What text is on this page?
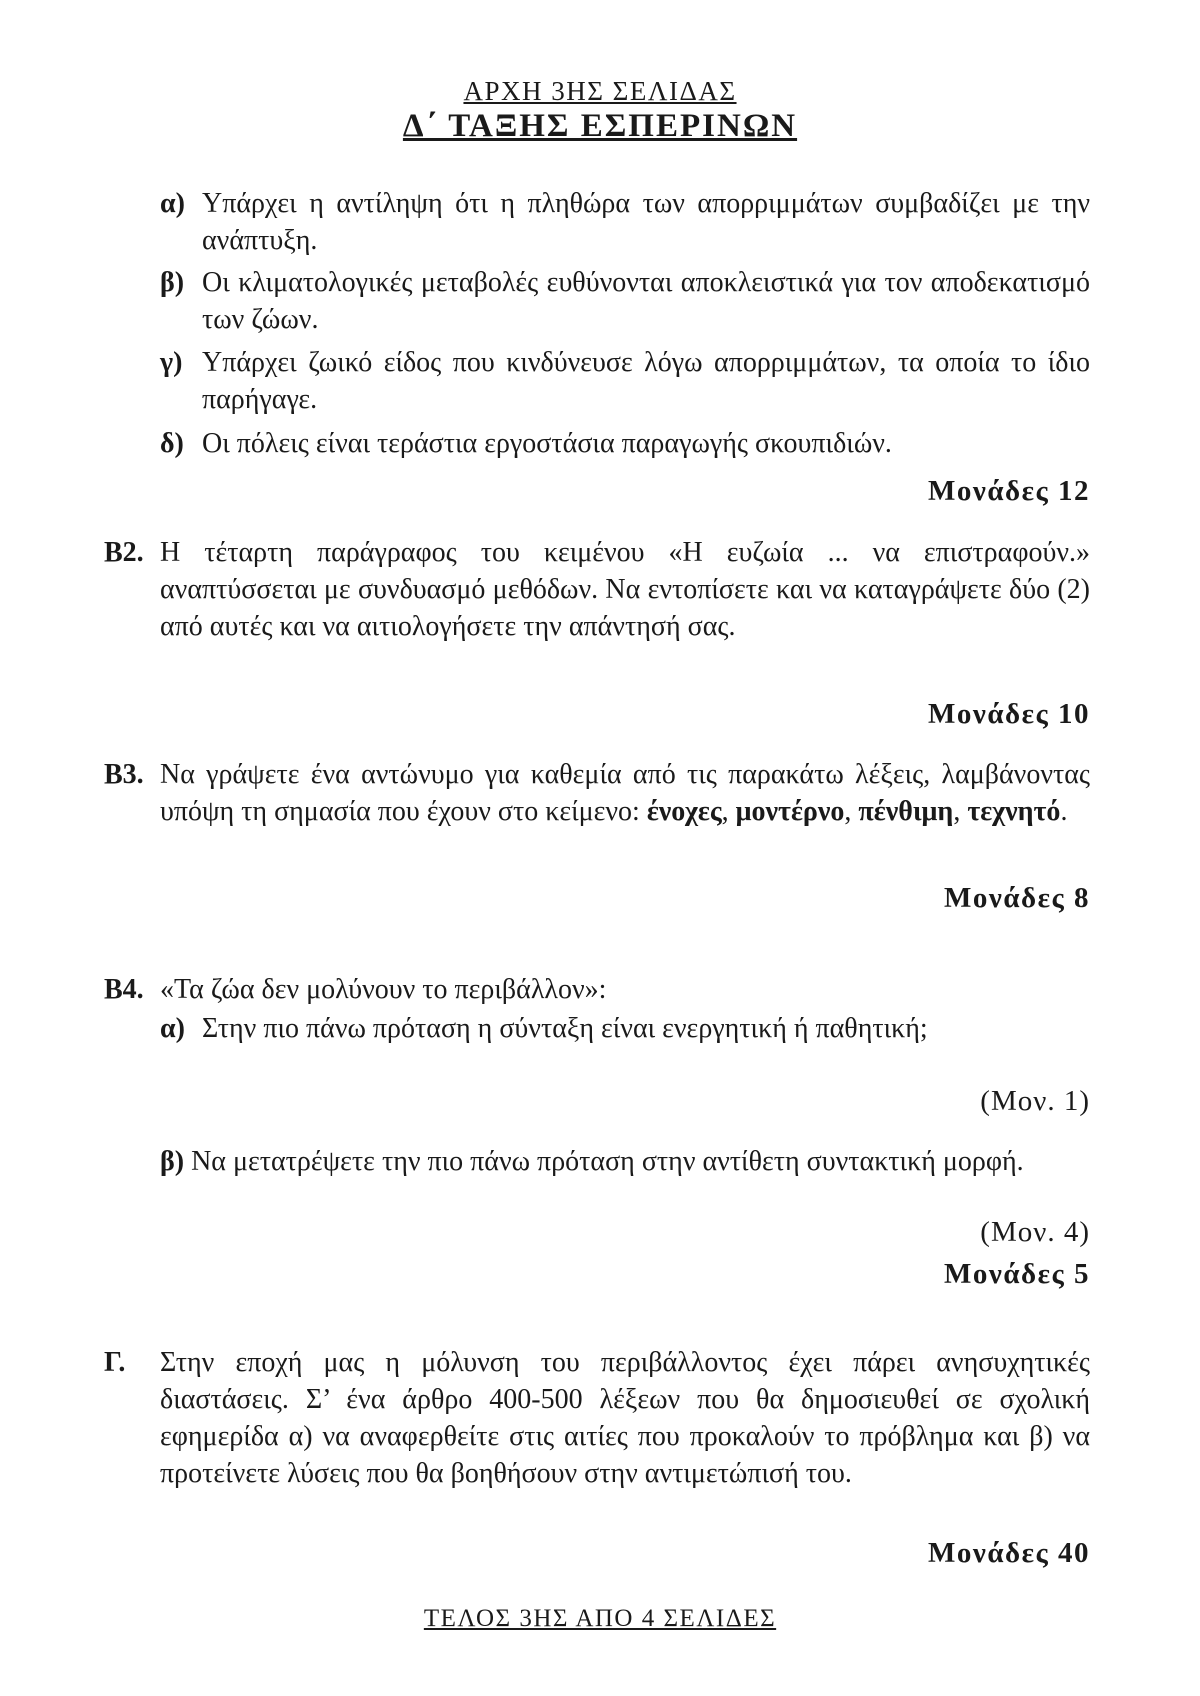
ΑΡΧΗ 3ΗΣ ΣΕΛΙΔΑΣ
Δ΄ ΤΑΞΗΣ ΕΣΠΕΡΙΝΩΝ
α) Υπάρχει η αντίληψη ότι η πληθώρα των απορριμμάτων συμβαδίζει με την ανάπτυξη.
β) Οι κλιματολογικές μεταβολές ευθύνονται αποκλειστικά για τον αποδεκατισμό των ζώων.
γ) Υπάρχει ζωικό είδος που κινδύνευσε λόγω απορριμμάτων, τα οποία το ίδιο παρήγαγε.
δ) Οι πόλεις είναι τεράστια εργοστάσια παραγωγής σκουπιδιών.
Μονάδες 12
Β2. Η τέταρτη παράγραφος του κειμένου «Η ευζωία ... να επιστραφούν.» αναπτύσσεται με συνδυασμό μεθόδων. Να εντοπίσετε και να καταγράψετε δύο (2) από αυτές και να αιτιολογήσετε την απάντησή σας.
Μονάδες 10
Β3. Να γράψετε ένα αντώνυμο για καθεμία από τις παρακάτω λέξεις, λαμβάνοντας υπόψη τη σημασία που έχουν στο κείμενο: ένοχες, μοντέρνο, πένθιμη, τεχνητό.
Μονάδες 8
Β4. «Τα ζώα δεν μολύνουν το περιβάλλον»:
α) Στην πιο πάνω πρόταση η σύνταξη είναι ενεργητική ή παθητική;
(Μον. 1)
β) Να μετατρέψετε την πιο πάνω πρόταση στην αντίθετη συντακτική μορφή.
(Μον. 4)
Μονάδες 5
Γ. Στην εποχή μας η μόλυνση του περιβάλλοντος έχει πάρει ανησυχητικές διαστάσεις. Σ’ ένα άρθρο 400-500 λέξεων που θα δημοσιευθεί σε σχολική εφημερίδα α) να αναφερθείτε στις αιτίες που προκαλούν το πρόβλημα και β) να προτείνετε λύσεις που θα βοηθήσουν στην αντιμετώπισή του.
Μονάδες 40
ΤΕΛΟΣ 3ΗΣ ΑΠΟ 4 ΣΕΛΙΔΕΣ
